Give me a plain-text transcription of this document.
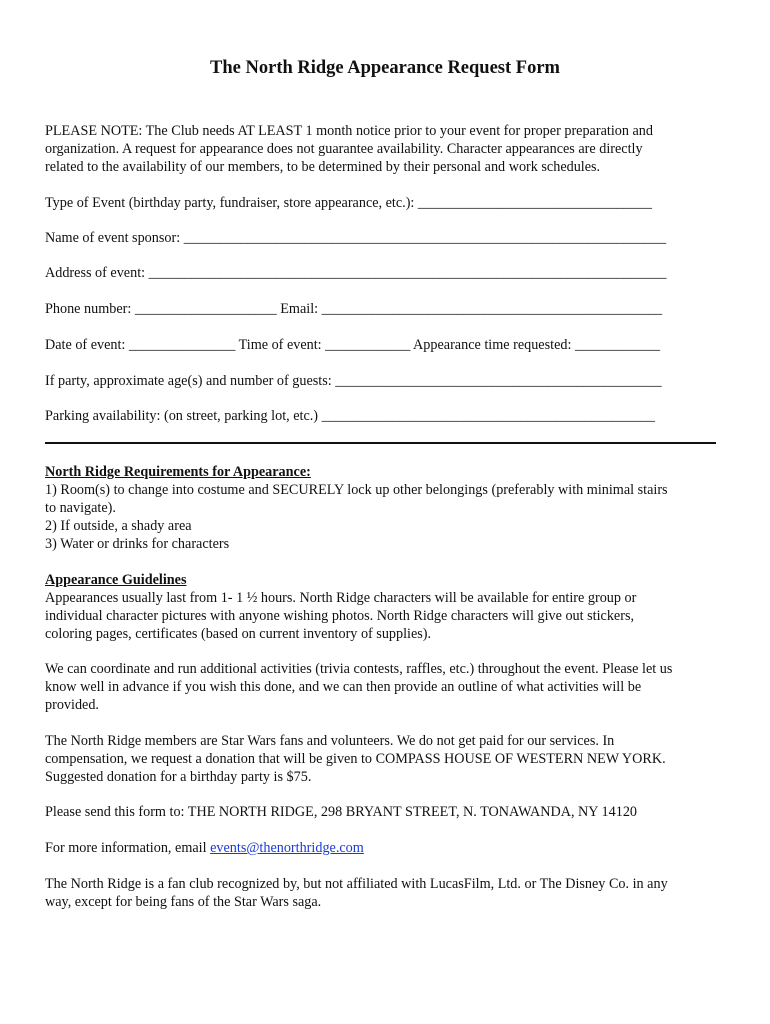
The North Ridge Appearance Request Form
PLEASE NOTE: The Club needs AT LEAST 1 month notice prior to your event for proper preparation and
organization. A request for appearance does not guarantee availability. Character appearances are directly
related to the availability of our members, to be determined by their personal and work schedules.
Type of Event (birthday party, fundraiser, store appearance, etc.): _________________________________
Name of event sponsor: ____________________________________________________________________
Address of event: _________________________________________________________________________
Phone number: ____________________ Email: ________________________________________________
Date of event: _______________ Time of event: ____________ Appearance time requested: ____________
If party, approximate age(s) and number of guests: ______________________________________________
Parking availability: (on street, parking lot, etc.) _______________________________________________
North Ridge Requirements for Appearance:
1) Room(s) to change into costume and SECURELY lock up other belongings (preferably with minimal stairs
to navigate).
2) If outside, a shady area
3) Water or drinks for characters
Appearance Guidelines
Appearances usually last from 1- 1 ½ hours. North Ridge characters will be available for entire group or
individual character pictures with anyone wishing photos. North Ridge characters will give out stickers,
coloring pages, certificates (based on current inventory of supplies).
We can coordinate and run additional activities (trivia contests, raffles, etc.) throughout the event. Please let us
know well in advance if you wish this done, and we can then provide an outline of what activities will be
provided.
The North Ridge members are Star Wars fans and volunteers. We do not get paid for our services. In
compensation, we request a donation that will be given to COMPASS HOUSE OF WESTERN NEW YORK.
Suggested donation for a birthday party is $75.
Please send this form to: THE NORTH RIDGE, 298 BRYANT STREET, N. TONAWANDA, NY 14120
For more information, email events@thenorthridge.com
The North Ridge is a fan club recognized by, but not affiliated with LucasFilm, Ltd. or The Disney Co. in any
way, except for being fans of the Star Wars saga.
